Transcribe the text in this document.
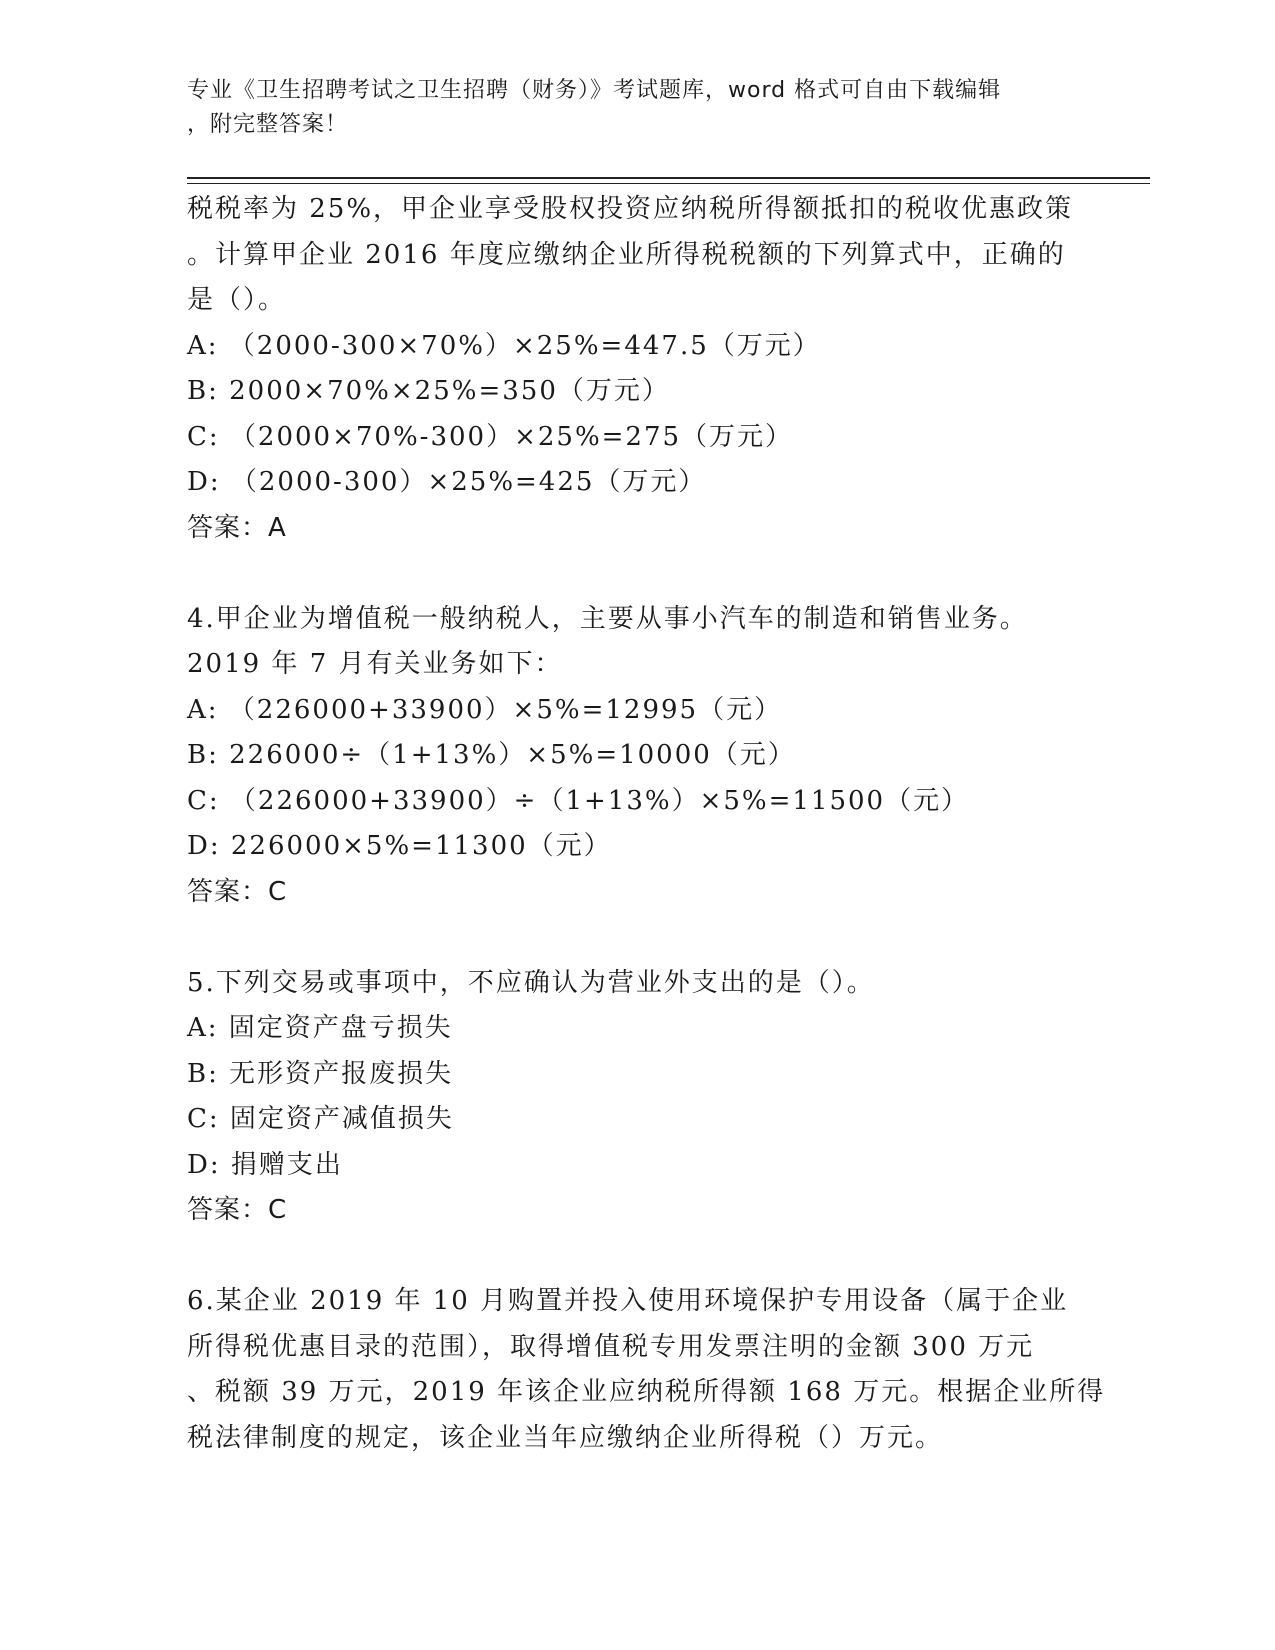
专业《卫生招聘考试之卫生招聘（财务）》考试题库，word 格式可自由下载编辑
，附完整答案！
税税率为 25%，甲企业享受股权投资应纳税所得额抵扣的税收优惠政策
。计算甲企业 2016 年度应缴纳企业所得税税额的下列算式中，正确的
是（）。
A: （2000-300×70%）×25%=447.5（万元）
B: 2000×70%×25%=350（万元）
C: （2000×70%-300）×25%=275（万元）
D: （2000-300）×25%=425（万元）
答案：A
4.甲企业为增值税一般纳税人，主要从事小汽车的制造和销售业务。
2019 年 7 月有关业务如下：
A: （226000+33900）×5%=12995（元）
B: 226000÷（1+13%）×5%=10000（元）
C: （226000+33900）÷（1+13%）×5%=11500（元）
D: 226000×5%=11300（元）
答案：C
5.下列交易或事项中，不应确认为营业外支出的是（）。
A: 固定资产盘亏损失
B: 无形资产报废损失
C: 固定资产减值损失
D: 捐赠支出
答案：C
6.某企业 2019 年 10 月购置并投入使用环境保护专用设备（属于企业
所得税优惠目录的范围），取得增值税专用发票注明的金额 300 万元
、税额 39 万元，2019 年该企业应纳税所得额 168 万元。根据企业所得
税法律制度的规定，该企业当年应缴纳企业所得税（）万元。
